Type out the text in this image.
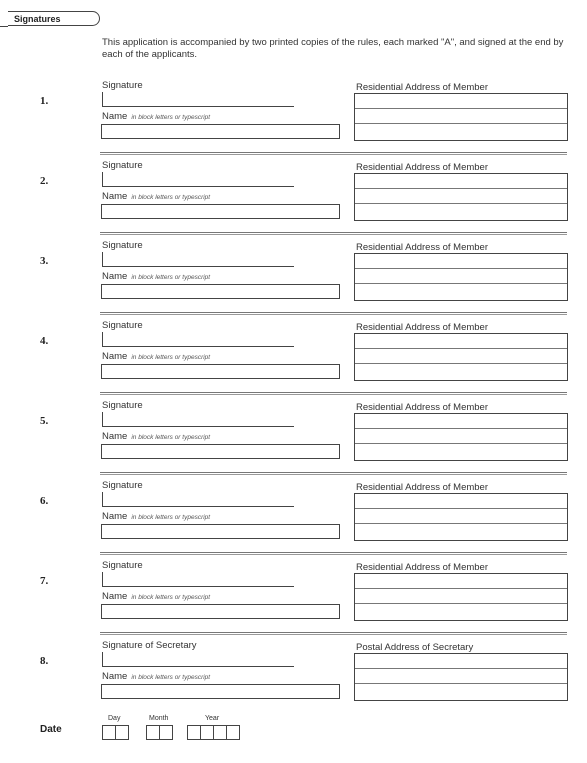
Signatures
This application is accompanied by two printed copies of the rules, each marked "A", and signed at the end by each of the applicants.
1.
Signature
Name in block letters or typescript
Residential Address of Member
2.
Signature
Name in block letters or typescript
Residential Address of Member
3.
Signature
Name in block letters or typescript
Residential Address of Member
4.
Signature
Name in block letters or typescript
Residential Address of Member
5.
Signature
Name in block letters or typescript
Residential Address of Member
6.
Signature
Name in block letters or typescript
Residential Address of Member
7.
Signature
Name in block letters or typescript
Residential Address of Member
8.
Signature of Secretary
Name in block letters or typescript
Postal Address of Secretary
Date
Day	Month	Year
